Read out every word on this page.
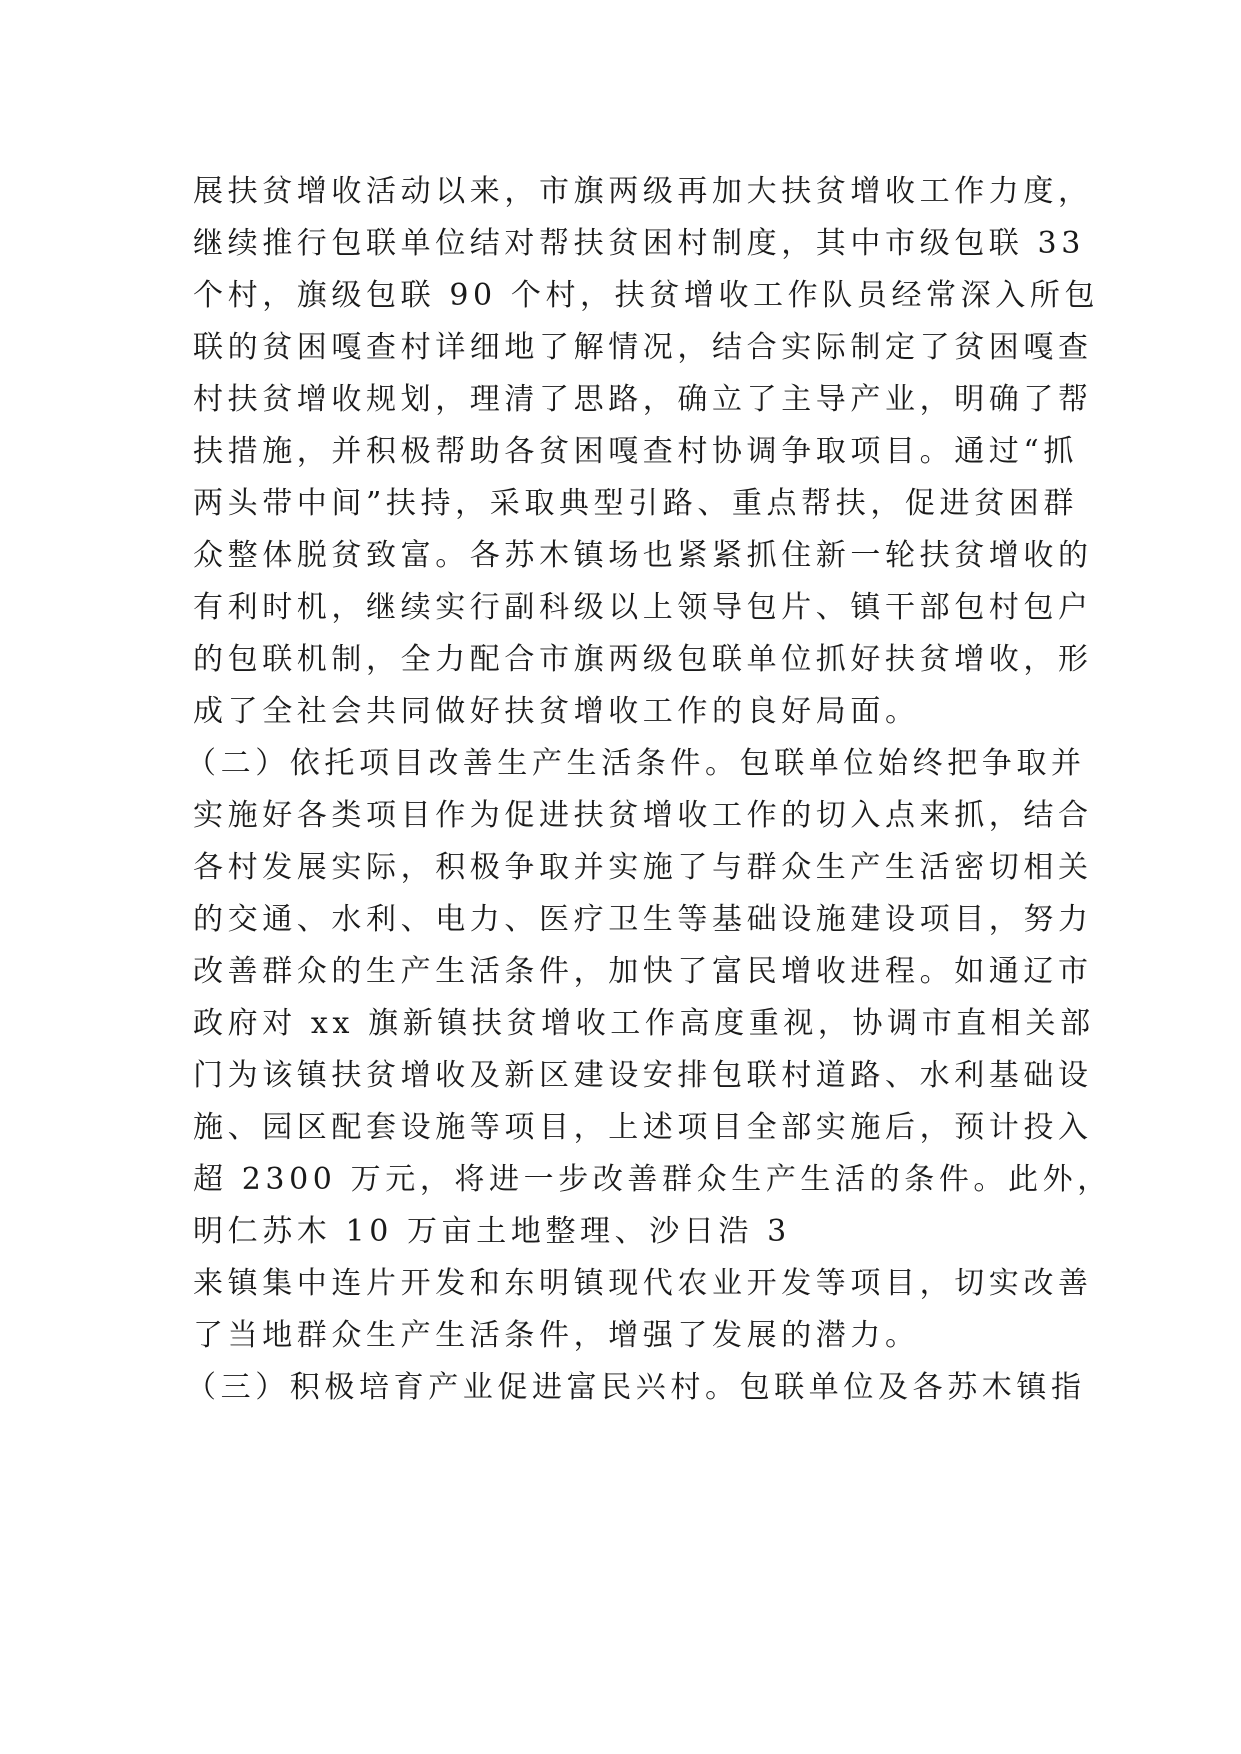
展扶贫增收活动以来，市旗两级再加大扶贫增收工作力度，
继续推行包联单位结对帮扶贫困村制度，其中市级包联 33
个村，旗级包联 90 个村，扶贫增收工作队员经常深入所包
联的贫困嘎查村详细地了解情况，结合实际制定了贫困嘎查
村扶贫增收规划，理清了思路，确立了主导产业，明确了帮
扶措施，并积极帮助各贫困嘎查村协调争取项目。通过“抓
两头带中间”扶持，采取典型引路、重点帮扶，促进贫困群
众整体脱贫致富。各苏木镇场也紧紧抓住新一轮扶贫增收的
有利时机，继续实行副科级以上领导包片、镇干部包村包户
的包联机制，全力配合市旗两级包联单位抓好扶贫增收，形
成了全社会共同做好扶贫增收工作的良好局面。
（二）依托项目改善生产生活条件。包联单位始终把争取并
实施好各类项目作为促进扶贫增收工作的切入点来抓，结合
各村发展实际，积极争取并实施了与群众生产生活密切相关
的交通、水利、电力、医疗卫生等基础设施建设项目，努力
改善群众的生产生活条件，加快了富民增收进程。如通辽市
政府对 xx 旗新镇扶贫增收工作高度重视，协调市直相关部
门为该镇扶贫增收及新区建设安排包联村道路、水利基础设
施、园区配套设施等项目，上述项目全部实施后，预计投入
超 2300 万元，将进一步改善群众生产生活的条件。此外，
明仁苏木 10 万亩土地整理、沙日浩 3
来镇集中连片开发和东明镇现代农业开发等项目，切实改善
了当地群众生产生活条件，增强了发展的潜力。
（三）积极培育产业促进富民兴村。包联单位及各苏木镇指
